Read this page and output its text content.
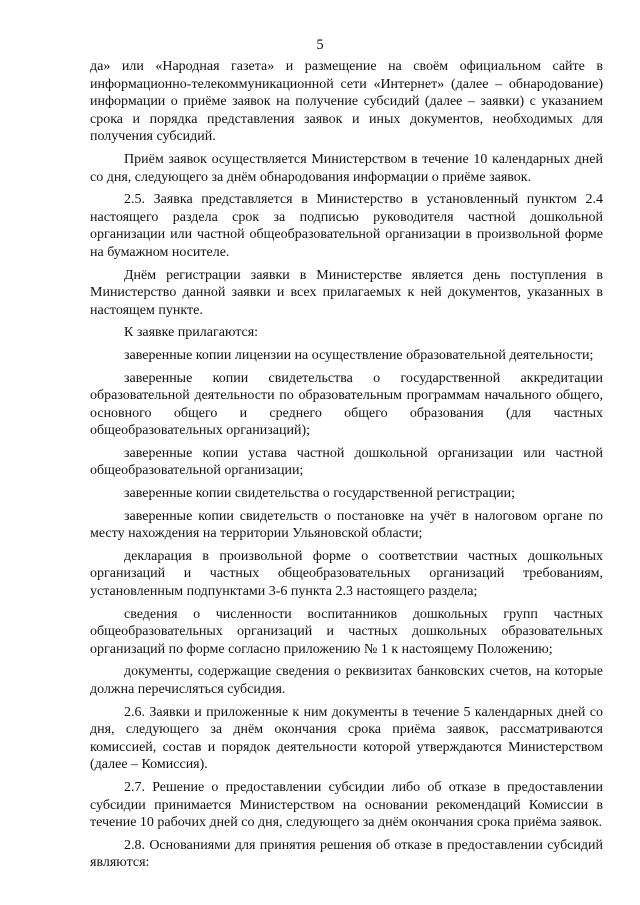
5

да» или «Народная газета» и размещение на своём официальном сайте в информационно-телекоммуникационной сети «Интернет» (далее – обнародование) информации о приёме заявок на получение субсидий (далее – заявки) с указанием срока и порядка представления заявок и иных документов, необходимых для получения субсидий.

Приём заявок осуществляется Министерством в течение 10 календарных дней со дня, следующего за днём обнародования информации о приёме заявок.

2.5. Заявка представляется в Министерство в установленный пунктом 2.4 настоящего раздела срок за подписью руководителя частной дошкольной организации или частной общеобразовательной организации в произвольной форме на бумажном носителе.

Днём регистрации заявки в Министерстве является день поступления в Министерство данной заявки и всех прилагаемых к ней документов, указанных в настоящем пункте.

К заявке прилагаются:

заверенные копии лицензии на осуществление образовательной деятельности;

заверенные копии свидетельства о государственной аккредитации образовательной деятельности по образовательным программам начального общего, основного общего и среднего общего образования (для частных общеобразовательных организаций);

заверенные копии устава частной дошкольной организации или частной общеобразовательной организации;

заверенные копии свидетельства о государственной регистрации;

заверенные копии свидетельств о постановке на учёт в налоговом органе по месту нахождения на территории Ульяновской области;

декларация в произвольной форме о соответствии частных дошкольных организаций и частных общеобразовательных организаций требованиям, установленным подпунктами 3-6 пункта 2.3 настоящего раздела;

сведения о численности воспитанников дошкольных групп частных общеобразовательных организаций и частных дошкольных образовательных организаций по форме согласно приложению № 1 к настоящему Положению;

документы, содержащие сведения о реквизитах банковских счетов, на которые должна перечисляться субсидия.

2.6. Заявки и приложенные к ним документы в течение 5 календарных дней со дня, следующего за днём окончания срока приёма заявок, рассматриваются комиссией, состав и порядок деятельности которой утверждаются Министерством (далее – Комиссия).

2.7. Решение о предоставлении субсидии либо об отказе в предоставлении субсидии принимается Министерством на основании рекомендаций Комиссии в течение 10 рабочих дней со дня, следующего за днём окончания срока приёма заявок.

2.8. Основаниями для принятия решения об отказе в предоставлении субсидий являются:
